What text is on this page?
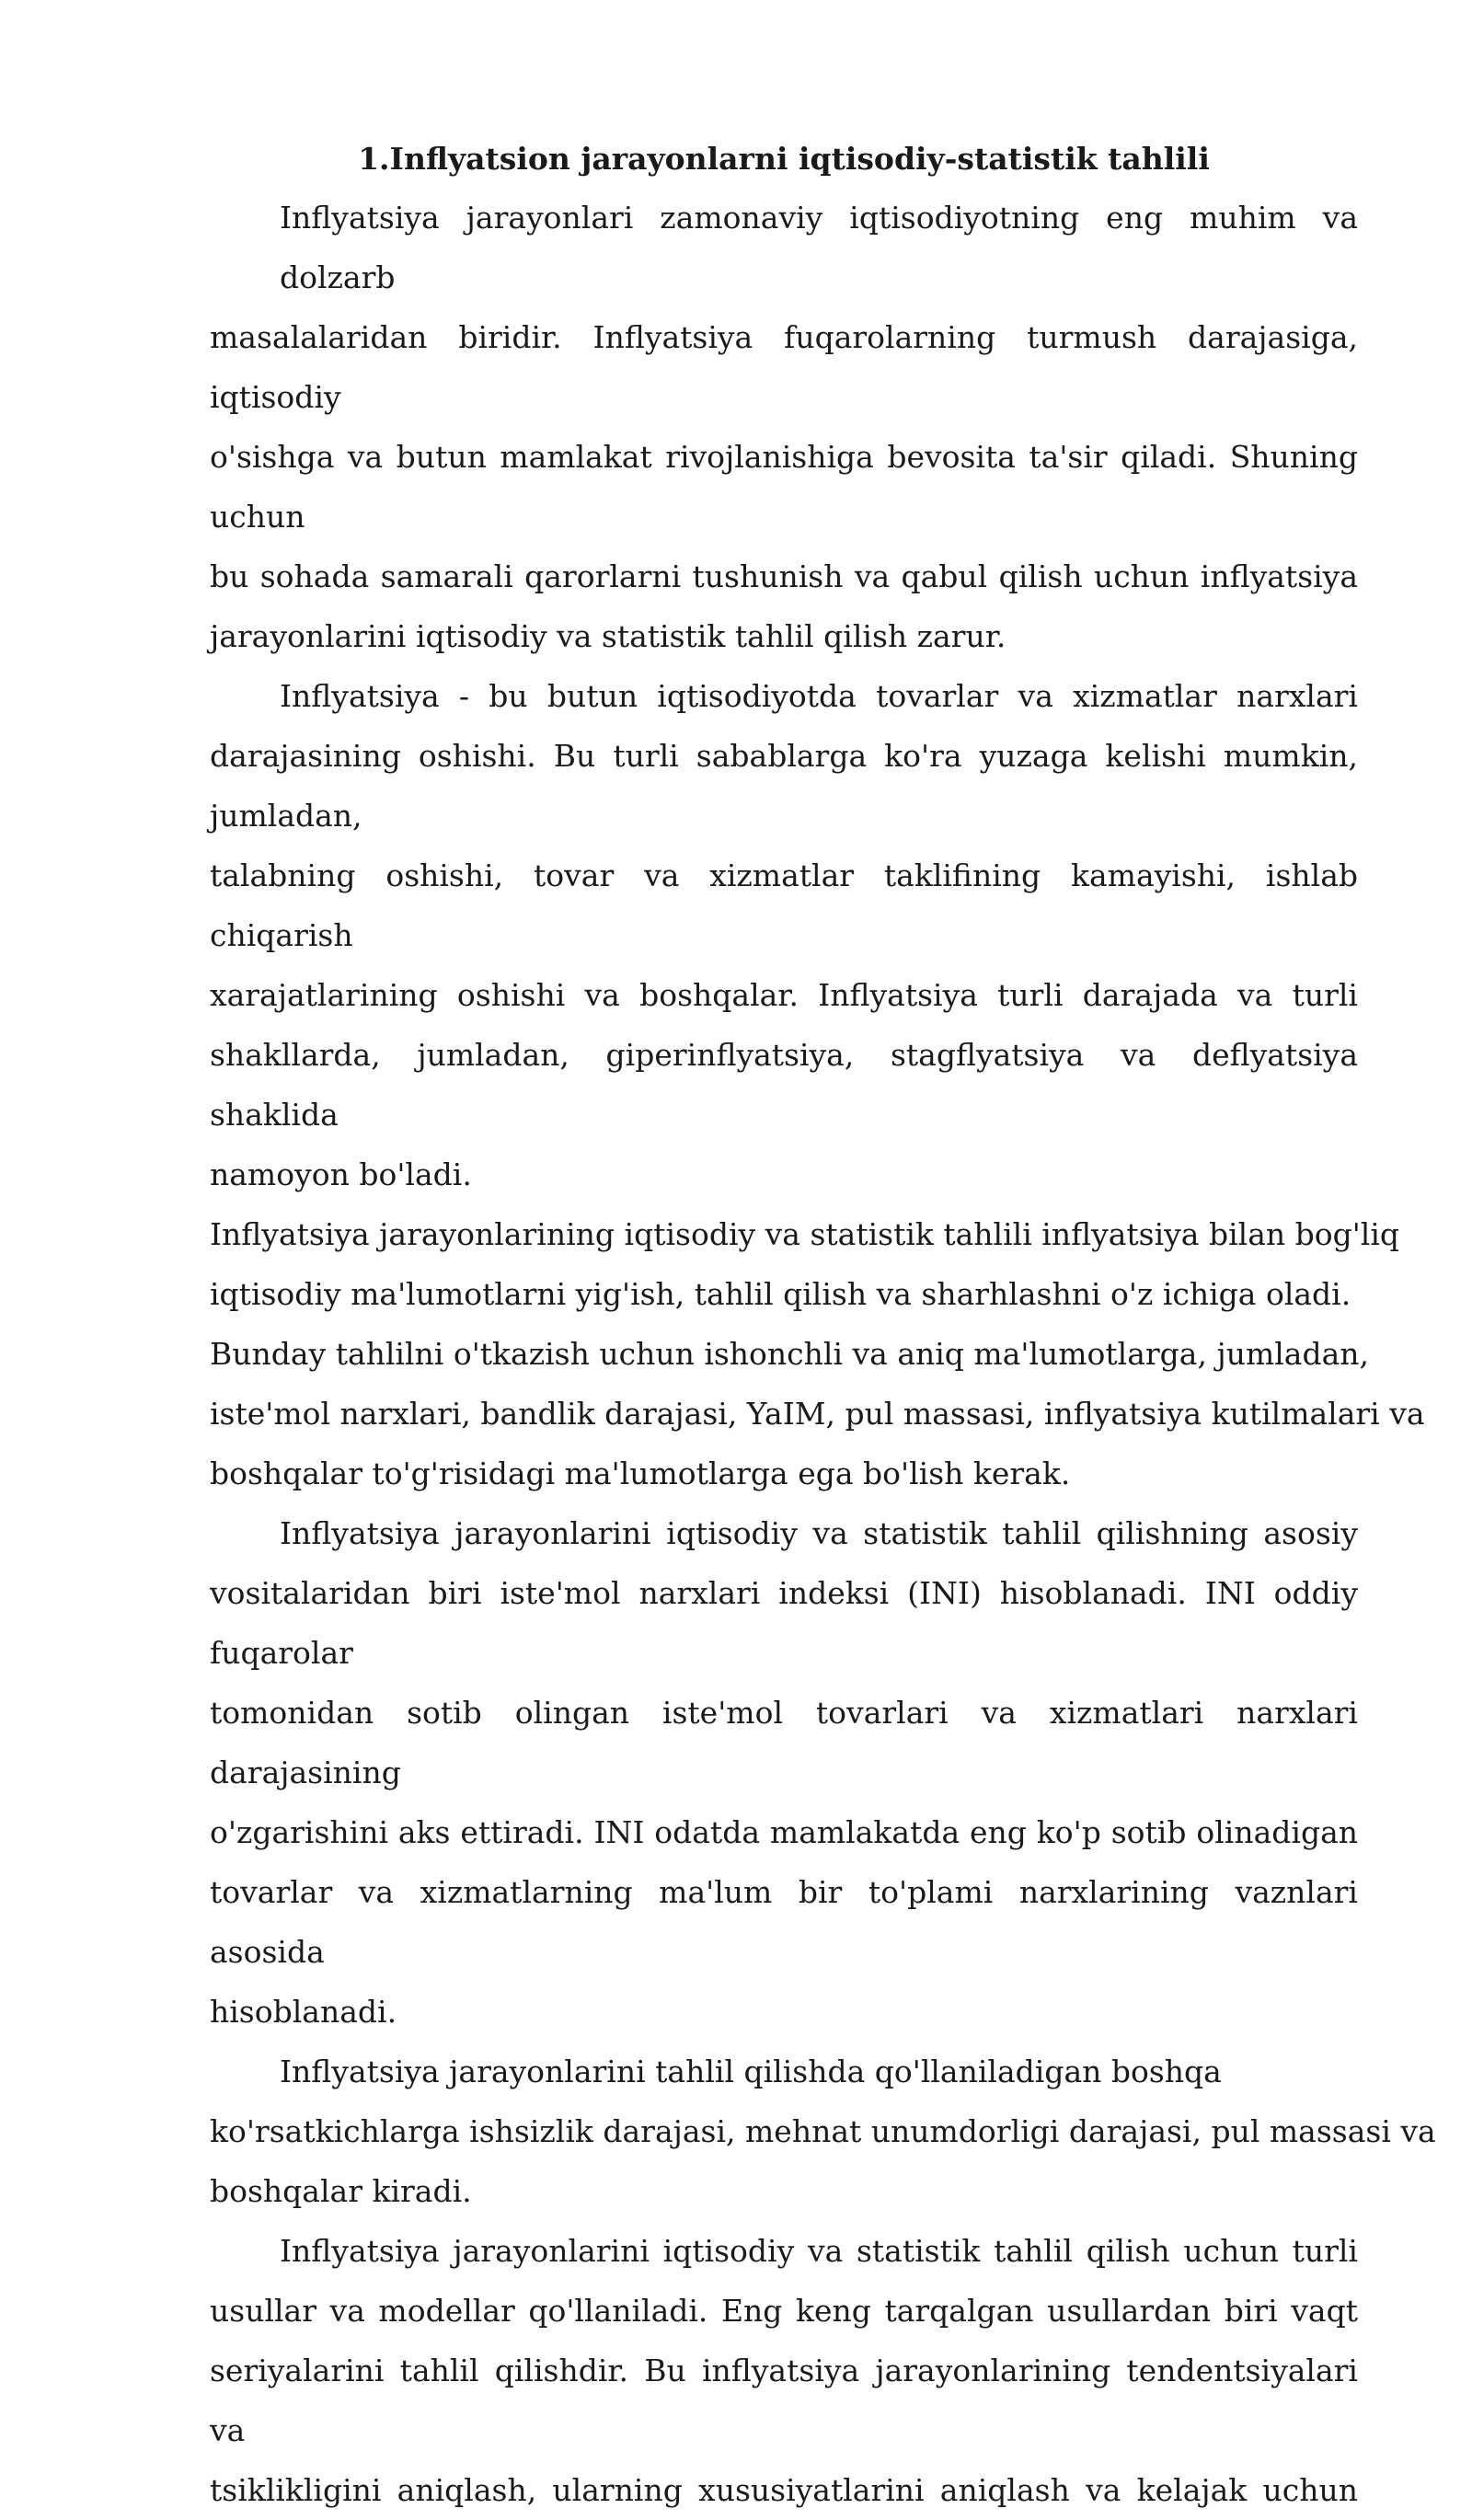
1.Inflyatsion jarayonlarni iqtisodiy-statistik tahlili
Inflyatsiya jarayonlari zamonaviy iqtisodiyotning eng muhim va dolzarb
masalalaridan biridir. Inflyatsiya fuqarolarning turmush darajasiga, iqtisodiy
o'sishga va butun mamlakat rivojlanishiga bevosita ta'sir qiladi. Shuning uchun
bu sohada samarali qarorlarni tushunish va qabul qilish uchun inflyatsiya
jarayonlarini iqtisodiy va statistik tahlil qilish zarur.
Inflyatsiya - bu butun iqtisodiyotda tovarlar va xizmatlar narxlari
darajasining oshishi. Bu turli sabablarga ko'ra yuzaga kelishi mumkin, jumladan,
talabning oshishi, tovar va xizmatlar taklifining kamayishi, ishlab chiqarish
xarajatlarining oshishi va boshqalar. Inflyatsiya turli darajada va turli
shakllarda, jumladan, giperinflyatsiya, stagflyatsiya va deflyatsiya shaklida
namoyon bo'ladi.
Inflyatsiya jarayonlarining iqtisodiy va statistik tahlili inflyatsiya bilan bog'liq
iqtisodiy ma'lumotlarni yig'ish, tahlil qilish va sharhlashni o'z ichiga oladi.
Bunday tahlilni o'tkazish uchun ishonchli va aniq ma'lumotlarga, jumladan,
iste'mol narxlari, bandlik darajasi, YaIM, pul massasi, inflyatsiya kutilmalari va
boshqalar to'g'risidagi ma'lumotlarga ega bo'lish kerak.
Inflyatsiya jarayonlarini iqtisodiy va statistik tahlil qilishning asosiy
vositalaridan biri iste'mol narxlari indeksi (INI) hisoblanadi. INI oddiy fuqarolar
tomonidan sotib olingan iste'mol tovarlari va xizmatlari narxlari darajasining
o'zgarishini aks ettiradi. INI odatda mamlakatda eng ko'p sotib olinadigan
tovarlar va xizmatlarning ma'lum bir to'plami narxlarining vaznlari asosida
hisoblanadi.
Inflyatsiya jarayonlarini tahlil qilishda qo'llaniladigan boshqa
ko'rsatkichlarga ishsizlik darajasi, mehnat unumdorligi darajasi, pul massasi va
boshqalar kiradi.
Inflyatsiya jarayonlarini iqtisodiy va statistik tahlil qilish uchun turli
usullar va modellar qo'llaniladi. Eng keng tarqalgan usullardan biri vaqt
seriyalarini tahlil qilishdir. Bu inflyatsiya jarayonlarining tendentsiyalari va
tsiklikligini aniqlash, ularning xususiyatlarini aniqlash va kelajak uchun
